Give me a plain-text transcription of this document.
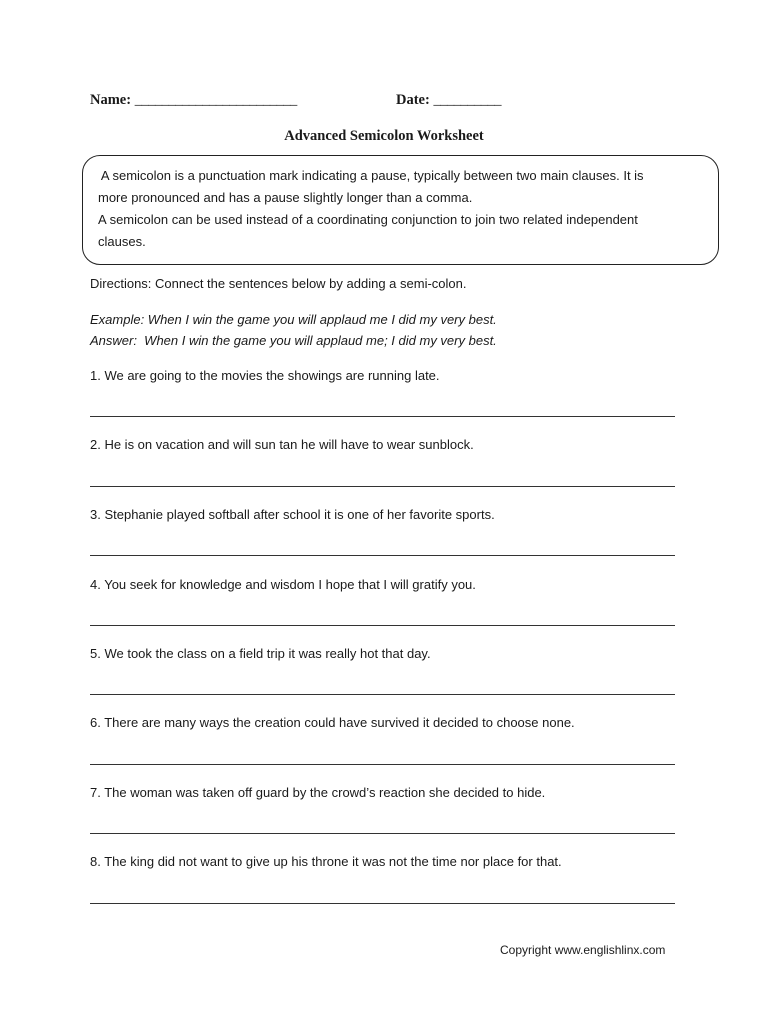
Name: ________________________	Date: __________
Advanced Semicolon Worksheet
A semicolon is a punctuation mark indicating a pause, typically between two main clauses. It is
more pronounced and has a pause slightly longer than a comma.
A semicolon can be used instead of a coordinating conjunction to join two related independent
clauses.
Directions: Connect the sentences below by adding a semi-colon.
Example: When I win the game you will applaud me I did my very best.
Answer:  When I win the game you will applaud me; I did my very best.
1. We are going to the movies the showings are running late.
2. He is on vacation and will sun tan he will have to wear sunblock.
3. Stephanie played softball after school it is one of her favorite sports.
4. You seek for knowledge and wisdom I hope that I will gratify you.
5. We took the class on a field trip it was really hot that day.
6. There are many ways the creation could have survived it decided to choose none.
7. The woman was taken off guard by the crowd’s reaction she decided to hide.
8. The king did not want to give up his throne it was not the time nor place for that.
Copyright www.englishlinx.com
